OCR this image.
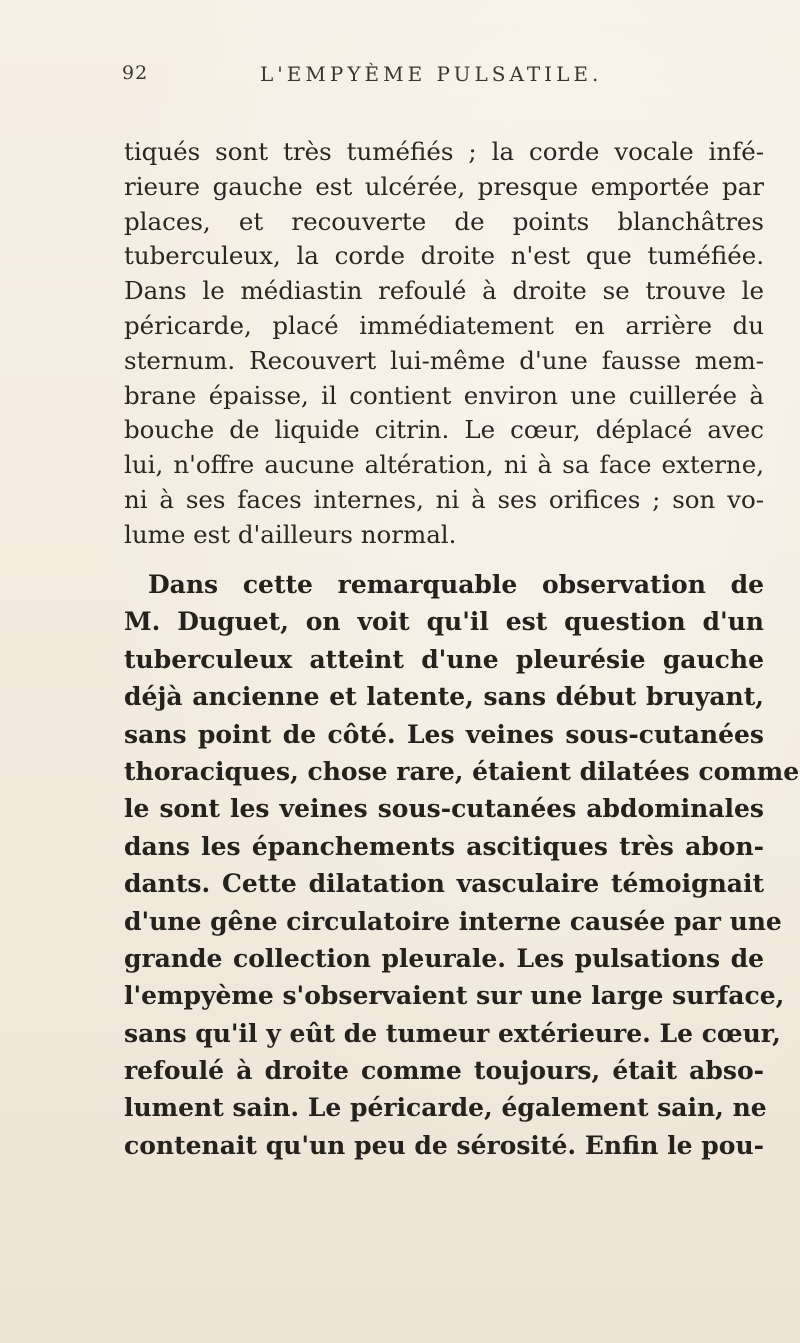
92	L'EMPYÈME PULSATILE.
tiqués sont très tuméfiés ; la corde vocale infé-
rieure gauche est ulcérée, presque emportée par
places, et recouverte de points blanchâtres
tuberculeux, la corde droite n'est que tuméfiée.
Dans le médiastin refoulé à droite se trouve le
péricarde, placé immédiatement en arrière du
sternum. Recouvert lui-même d'une fausse mem-
brane épaisse, il contient environ une cuillerée à
bouche de liquide citrin. Le cœur, déplacé avec
lui, n'offre aucune altération, ni à sa face externe,
ni à ses faces internes, ni à ses orifices ; son vo-
lume est d'ailleurs normal.
Dans cette remarquable observation de
M. Duguet, on voit qu'il est question d'un
tuberculeux atteint d'une pleurésie gauche
déjà ancienne et latente, sans début bruyant,
sans point de côté. Les veines sous-cutanées
thoraciques, chose rare, étaient dilatées comme
le sont les veines sous-cutanées abdominales
dans les épanchements ascitiques très abon-
dants. Cette dilatation vasculaire témoignait
d'une gêne circulatoire interne causée par une
grande collection pleurale. Les pulsations de
l'empyème s'observaient sur une large surface,
sans qu'il y eût de tumeur extérieure. Le cœur,
refoulé à droite comme toujours, était abso-
lument sain. Le péricarde, également sain, ne
contenait qu'un peu de sérosité. Enfin le pou-
